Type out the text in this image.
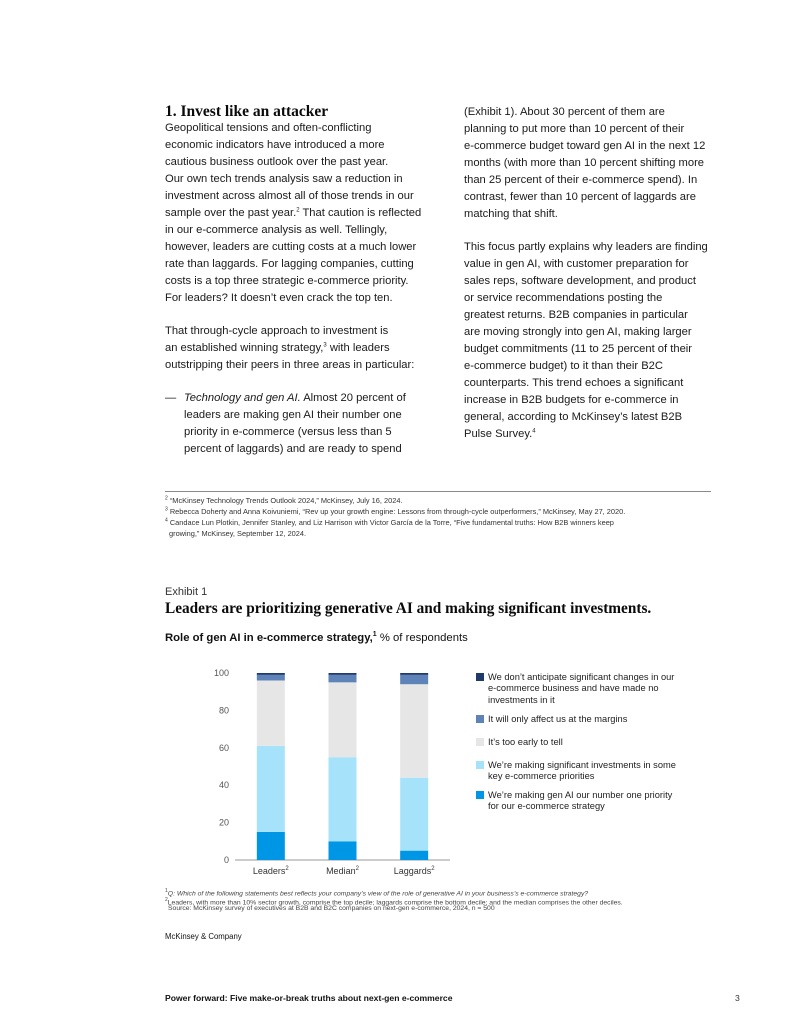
1. Invest like an attacker
Geopolitical tensions and often-conflicting
economic indicators have introduced a more
cautious business outlook over the past year.
Our own tech trends analysis saw a reduction in
investment across almost all of those trends in our
sample over the past year.$^2$ That caution is reflected
in our e-commerce analysis as well. Tellingly,
however, leaders are cutting costs at a much lower
rate than laggards. For lagging companies, cutting
costs is a top three strategic e-commerce priority.
For leaders? It doesn’t even crack the top ten.
That through-cycle approach to investment is
an established winning strategy,$^3$ with leaders
outstripping their peers in three areas in particular:
— Technology and gen AI. Almost 20 percent of
leaders are making gen AI their number one
priority in e-commerce (versus less than 5
percent of laggards) and are ready to spend
(Exhibit 1). About 30 percent of them are
planning to put more than 10 percent of their
e-commerce budget toward gen AI in the next 12
months (with more than 10 percent shifting more
than 25 percent of their e-commerce spend). In
contrast, fewer than 10 percent of laggards are
matching that shift.
This focus partly explains why leaders are finding
value in gen AI, with customer preparation for
sales reps, software development, and product
or service recommendations posting the
greatest returns. B2B companies in particular
are moving strongly into gen AI, making larger
budget commitments (11 to 25 percent of their
e-commerce budget) to it than their B2C
counterparts. This trend echoes a significant
increase in B2B budgets for e-commerce in
general, according to McKinsey’s latest B2B
Pulse Survey.$^4$
$^2$ “McKinsey Technology Trends Outlook 2024,” McKinsey, July 16, 2024.
$^3$ Rebecca Doherty and Anna Koivuniemi, “Rev up your growth engine: Lessons from through-cycle outperformers,” McKinsey, May 27, 2020.
$^4$ Candace Lun Plotkin, Jennifer Stanley, and Liz Harrison with Victor García de la Torre, “Five fundamental truths: How B2B winners keep
growing,” McKinsey, September 12, 2024.
Exhibit 1
Leaders are prioritizing generative AI and making significant investments.
Role of gen AI in e-commerce strategy,$^1$ % of respondents
0
20
40
60
80
100
Leaders$^2$	Median$^2$	Laggards$^2$
We don’t anticipate significant changes in our
e-commerce business and have made no
investments in it
It will only affect us at the margins
It’s too early to tell
We’re making significant investments in some
key e-commerce priorities
We’re making gen AI our number one priority
for our e-commerce strategy
$^1$Q: Which of the following statements best reflects your company’s view of the role of generative AI in your business’s e-commerce strategy?
$^2$Leaders, with more than 10% sector growth, comprise the top decile; laggards comprise the bottom decile; and the median comprises the other deciles.
Source: McKinsey survey of executives at B2B and B2C companies on next-gen e-commerce, 2024, n = 500
McKinsey & Company
Power forward: Five make-or-break truths about next-gen e-commerce	3
